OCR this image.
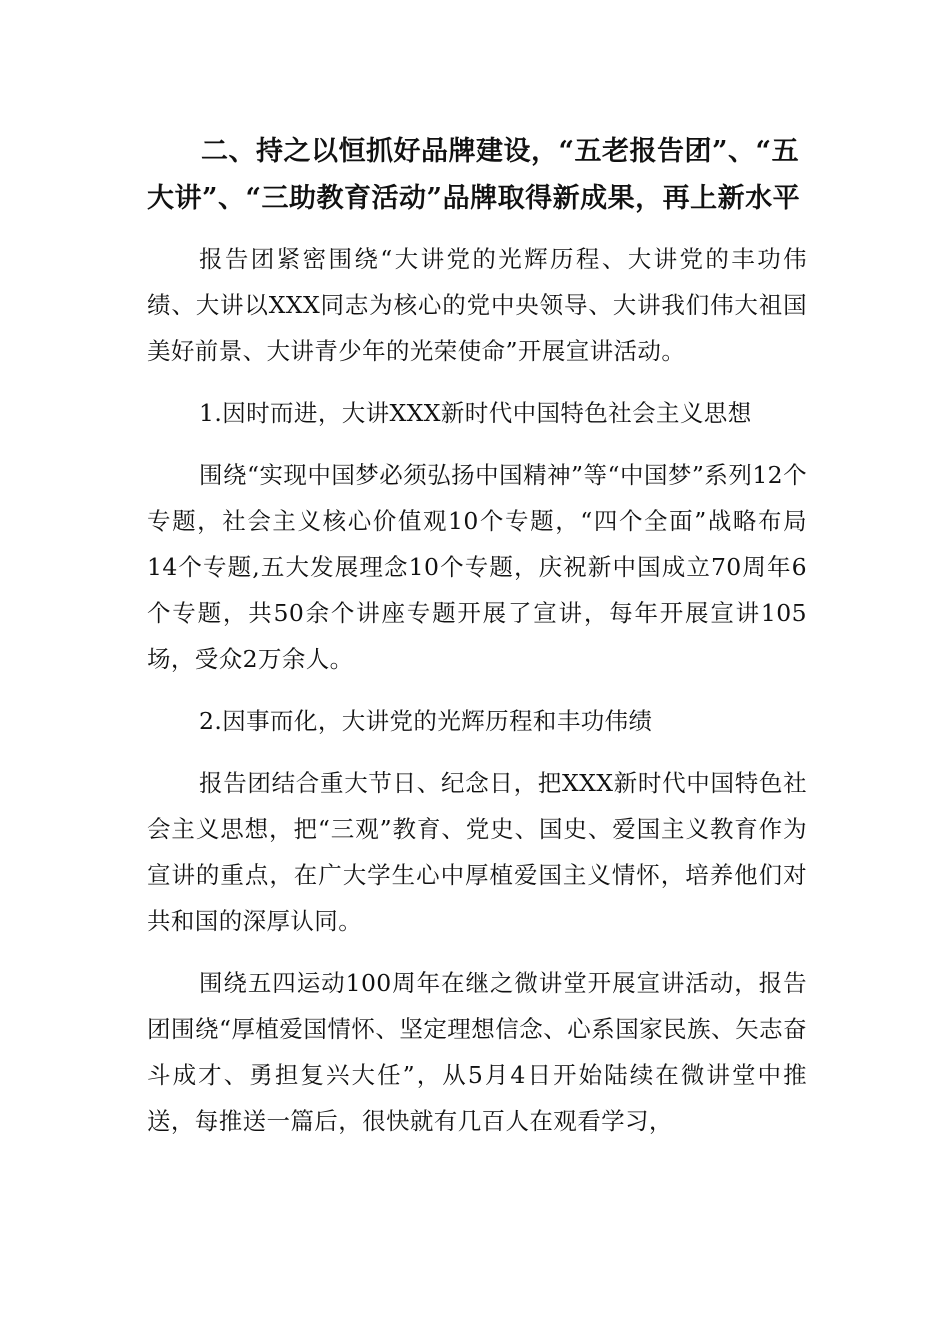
二、持之以恒抓好品牌建设，“五老报告团”、“五大讲”、“三助教育活动”品牌取得新成果，再上新水平

报告团紧密围绕“大讲党的光辉历程、大讲党的丰功伟绩、大讲以XXX同志为核心的党中央领导、大讲我们伟大祖国美好前景、大讲青少年的光荣使命”开展宣讲活动。

1.因时而进，大讲XXX新时代中国特色社会主义思想

围绕“实现中国梦必须弘扬中国精神”等“中国梦”系列12个专题，社会主义核心价值观10个专题，“四个全面”战略布局 14个专题,五大发展理念10个专题，庆祝新中国成立70周年6个专题，共50余个讲座专题开展了宣讲，每年开展宣讲105场，受众2万余人。

2.因事而化，大讲党的光辉历程和丰功伟绩

报告团结合重大节日、纪念日，把XXX新时代中国特色社会主义思想，把“三观”教育、党史、国史、爱国主义教育作为宣讲的重点，在广大学生心中厚植爱国主义情怀，培养他们对共和国的深厚认同。

围绕五四运动100周年在继之微讲堂开展宣讲活动，报告团围绕“厚植爱国情怀、坚定理想信念、心系国家民族、矢志奋斗成才、勇担复兴大任”，从5月4日开始陆续在微讲堂中推送，每推送一篇后，很快就有几百人在观看学习，
